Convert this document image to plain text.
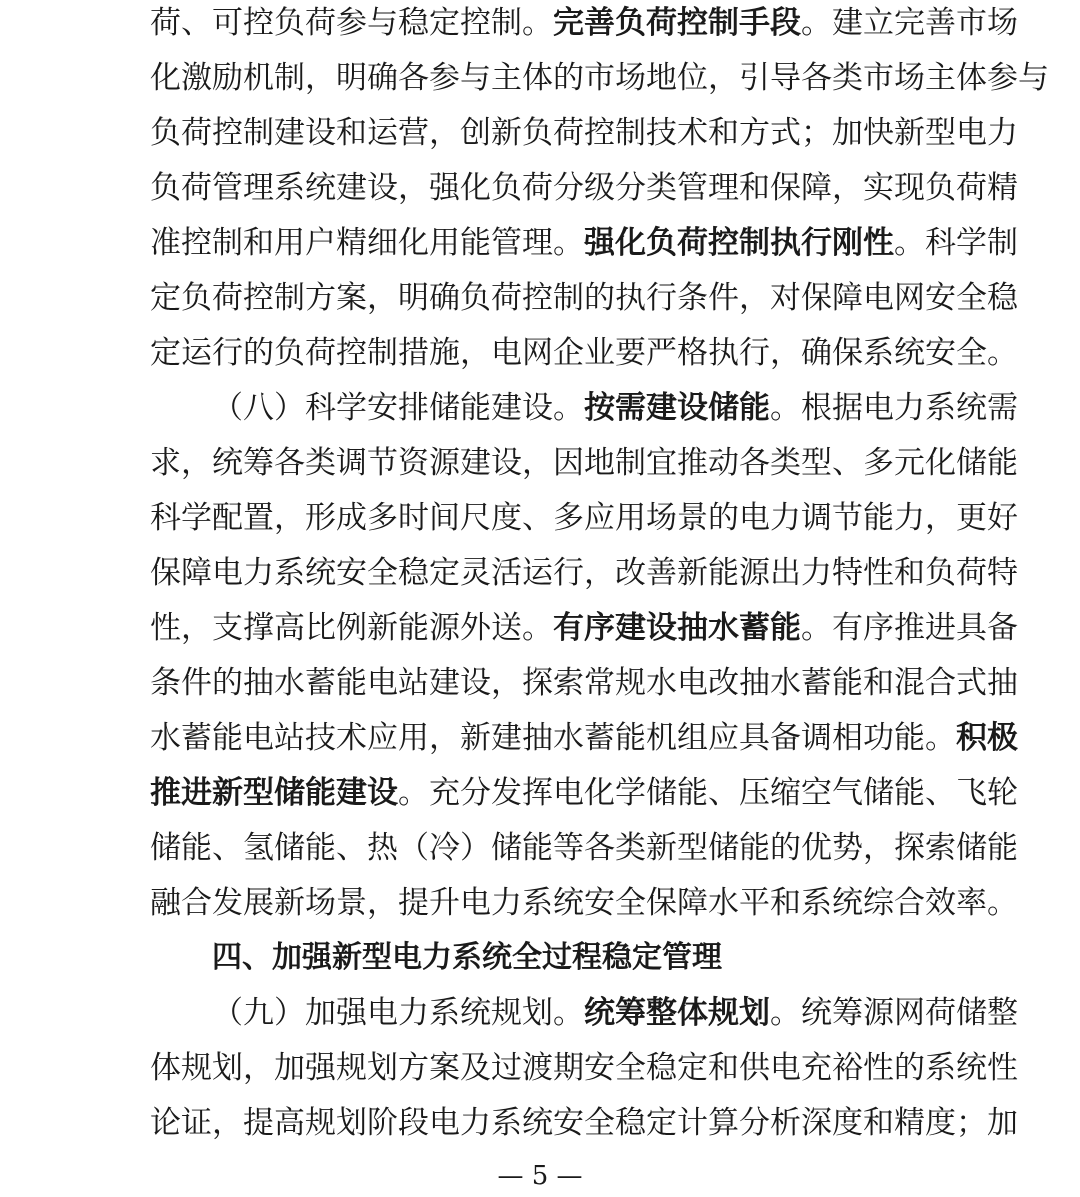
荷、可控负荷参与稳定控制。完善负荷控制手段。建立完善市场
化激励机制，明确各参与主体的市场地位，引导各类市场主体参与
负荷控制建设和运营，创新负荷控制技术和方式；加快新型电力
负荷管理系统建设，强化负荷分级分类管理和保障，实现负荷精
准控制和用户精细化用能管理。强化负荷控制执行刚性。科学制
定负荷控制方案，明确负荷控制的执行条件，对保障电网安全稳
定运行的负荷控制措施，电网企业要严格执行，确保系统安全。
（八）科学安排储能建设。按需建设储能。根据电力系统需
求，统筹各类调节资源建设，因地制宜推动各类型、多元化储能
科学配置，形成多时间尺度、多应用场景的电力调节能力，更好
保障电力系统安全稳定灵活运行，改善新能源出力特性和负荷特
性，支撑高比例新能源外送。有序建设抽水蓄能。有序推进具备
条件的抽水蓄能电站建设，探索常规水电改抽水蓄能和混合式抽
水蓄能电站技术应用，新建抽水蓄能机组应具备调相功能。积极
推进新型储能建设。充分发挥电化学储能、压缩空气储能、飞轮
储能、氢储能、热（冷）储能等各类新型储能的优势，探索储能
融合发展新场景，提升电力系统安全保障水平和系统综合效率。
四、加强新型电力系统全过程稳定管理
（九）加强电力系统规划。统筹整体规划。统筹源网荷储整
体规划，加强规划方案及过渡期安全稳定和供电充裕性的系统性
论证，提高规划阶段电力系统安全稳定计算分析深度和精度；加
— 5 —
